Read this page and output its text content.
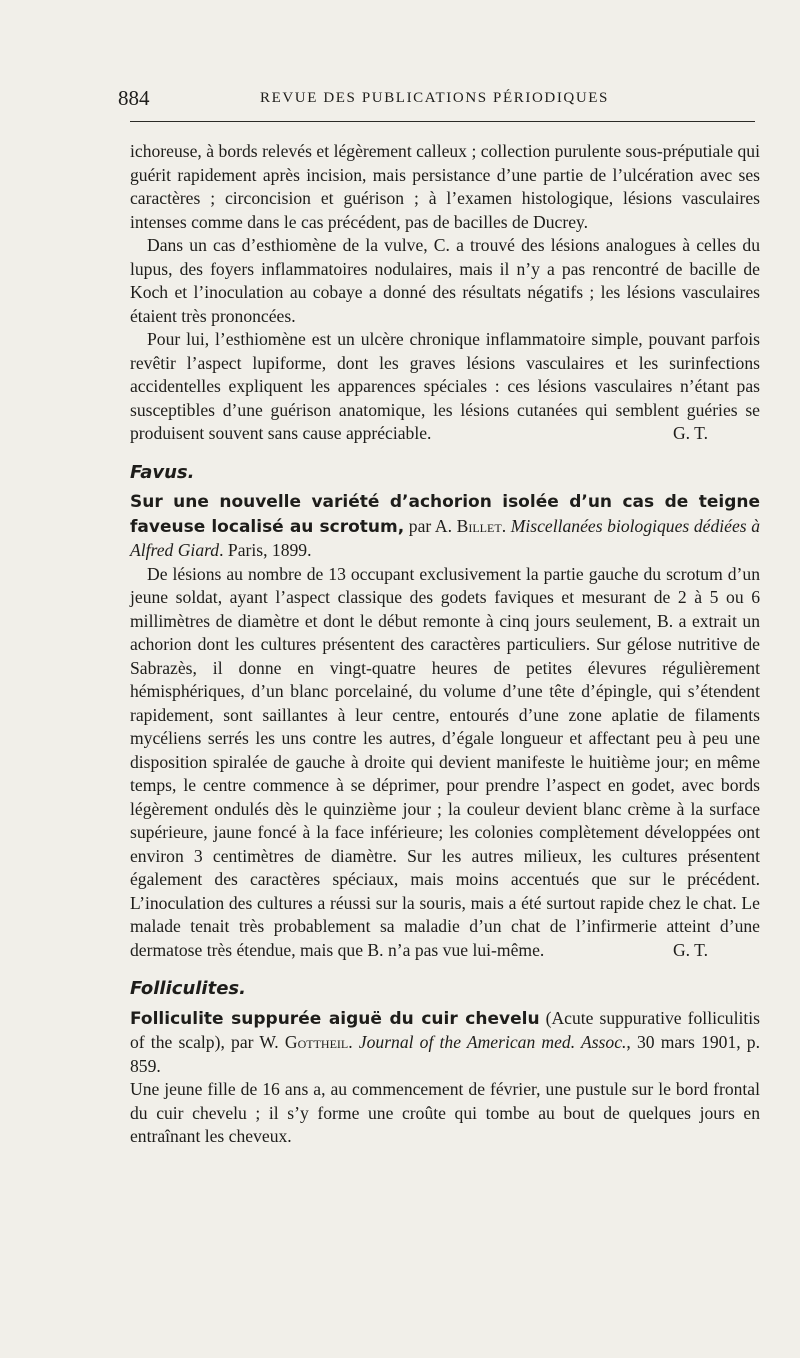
884	REVUE DES PUBLICATIONS PÉRIODIQUES

ichoreuse, à bords relevés et légèrement calleux ; collection purulente sous-préputiale qui guérit rapidement après incision, mais persistance d’une partie de l’ulcération avec ses caractères ; circoncision et guérison ; à l’examen histologique, lésions vasculaires intenses comme dans le cas précédent, pas de bacilles de Ducrey.

Dans un cas d’esthiomène de la vulve, C. a trouvé des lésions analogues à celles du lupus, des foyers inflammatoires nodulaires, mais il n’y a pas rencontré de bacille de Koch et l’inoculation au cobaye a donné des résultats négatifs ; les lésions vasculaires étaient très prononcées.

Pour lui, l’esthiomène est un ulcère chronique inflammatoire simple, pouvant parfois revêtir l’aspect lupiforme, dont les graves lésions vasculaires et les surinfections accidentelles expliquent les apparences spéciales : ces lésions vasculaires n’étant pas susceptibles d’une guérison anatomique, les lésions cutanées qui semblent guéries se produisent souvent sans cause appréciable.	G. T.

Favus.

Sur une nouvelle variété d’achorion isolée d’un cas de teigne faveuse localisé au scrotum, par A. Billet. Miscellanées biologiques dédiées à Alfred Giard. Paris, 1899.

De lésions au nombre de 13 occupant exclusivement la partie gauche du scrotum d’un jeune soldat, ayant l’aspect classique des godets faviques et mesurant de 2 à 5 ou 6 millimètres de diamètre et dont le début remonte à cinq jours seulement, B. a extrait un achorion dont les cultures présentent des caractères particuliers. Sur gélose nutritive de Sabrazès, il donne en vingt-quatre heures de petites élevures régulièrement hémisphériques, d’un blanc porcelainé, du volume d’une tête d’épingle, qui s’étendent rapidement, sont saillantes à leur centre, entourés d’une zone aplatie de filaments mycéliens serrés les uns contre les autres, d’égale longueur et affectant peu à peu une disposition spiralée de gauche à droite qui devient manifeste le huitième jour; en même temps, le centre commence à se déprimer, pour prendre l’aspect en godet, avec bords légèrement ondulés dès le quinzième jour ; la couleur devient blanc crème à la surface supérieure, jaune foncé à la face inférieure; les colonies complètement développées ont environ 3 centimètres de diamètre. Sur les autres milieux, les cultures présentent également des caractères spéciaux, mais moins accentués que sur le précédent. L’inoculation des cultures a réussi sur la souris, mais a été surtout rapide chez le chat. Le malade tenait très probablement sa maladie d’un chat de l’infirmerie atteint d’une dermatose très étendue, mais que B. n’a pas vue lui-même.	G. T.

Folliculites.

Folliculite suppurée aiguë du cuir chevelu (Acute suppurative folliculitis of the scalp), par W. Gottheil. Journal of the American med. Assoc., 30 mars 1901, p. 859.

Une jeune fille de 16 ans a, au commencement de février, une pustule sur le bord frontal du cuir chevelu ; il s’y forme une croûte qui tombe au bout de quelques jours en entraînant les cheveux.
